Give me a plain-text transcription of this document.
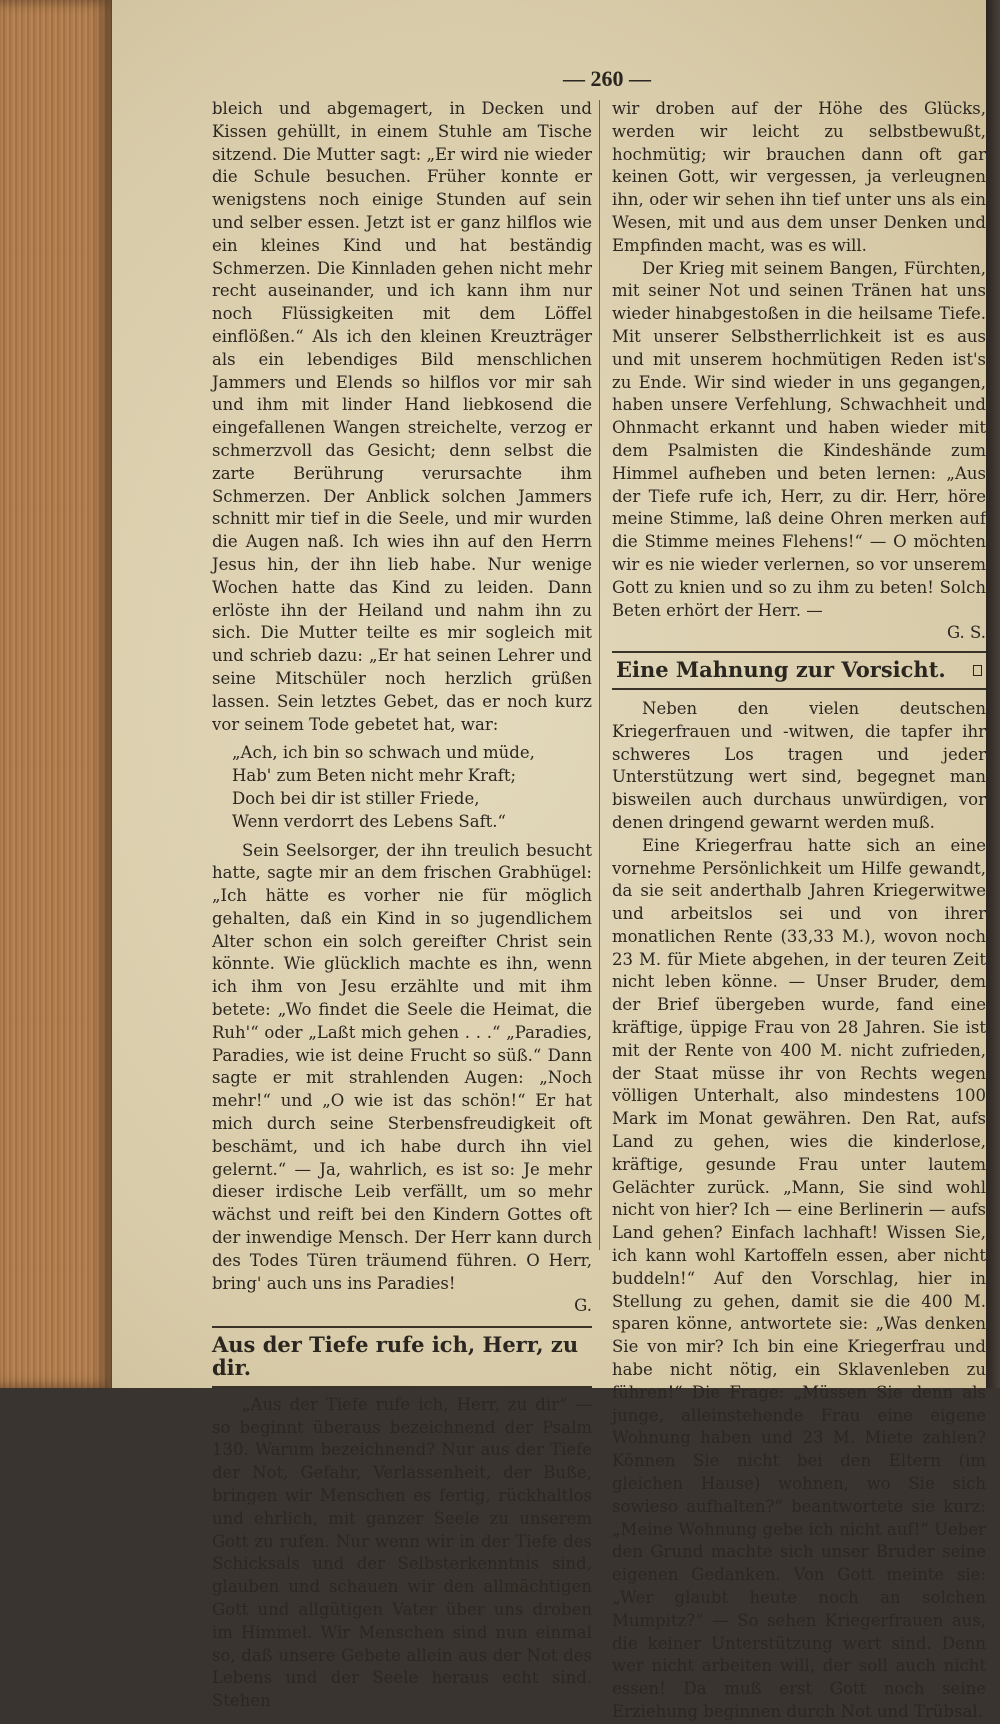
— 260 —

bleich und abgemagert, in Decken und Kissen gehüllt, in einem Stuhle am Tische sitzend. Die Mutter sagt: „Er wird nie wieder die Schule besuchen. Früher konnte er wenigstens noch einige Stunden auf sein und selber essen. Jetzt ist er ganz hilflos wie ein kleines Kind und hat beständig Schmerzen. Die Kinnladen gehen nicht mehr recht auseinander, und ich kann ihm nur noch Flüssigkeiten mit dem Löffel einflößen.“ Als ich den kleinen Kreuzträger als ein lebendiges Bild menschlichen Jammers und Elends so hilflos vor mir sah und ihm mit linder Hand liebkosend die eingefallenen Wangen streichelte, verzog er schmerzvoll das Gesicht; denn selbst die zarte Berührung verursachte ihm Schmerzen. Der Anblick solchen Jammers schnitt mir tief in die Seele, und mir wurden die Augen naß. Ich wies ihn auf den Herrn Jesus hin, der ihn lieb habe. Nur wenige Wochen hatte das Kind zu leiden. Dann erlöste ihn der Heiland und nahm ihn zu sich. Die Mutter teilte es mir sogleich mit und schrieb dazu: „Er hat seinen Lehrer und seine Mitschüler noch herzlich grüßen lassen. Sein letztes Gebet, das er noch kurz vor seinem Tode gebetet hat, war:

„Ach, ich bin so schwach und müde,
Hab' zum Beten nicht mehr Kraft;
Doch bei dir ist stiller Friede,
Wenn verdorrt des Lebens Saft.“

Sein Seelsorger, der ihn treulich besucht hatte, sagte mir an dem frischen Grabhügel: „Ich hätte es vorher nie für möglich gehalten, daß ein Kind in so jugendlichem Alter schon ein solch gereifter Christ sein könnte. Wie glücklich machte es ihn, wenn ich ihm von Jesu erzählte und mit ihm betete: „Wo findet die Seele die Heimat, die Ruh'“ oder „Laßt mich gehen . . .“ „Paradies, Paradies, wie ist deine Frucht so süß.“ Dann sagte er mit strahlenden Augen: „Noch mehr!“ und „O wie ist das schön!“ Er hat mich durch seine Sterbensfreudigkeit oft beschämt, und ich habe durch ihn viel gelernt.“ — Ja, wahrlich, es ist so: Je mehr dieser irdische Leib verfällt, um so mehr wächst und reift bei den Kindern Gottes oft der inwendige Mensch. Der Herr kann durch des Todes Türen träumend führen. O Herr, bring' auch uns ins Paradies!

G.
Aus der Tiefe rufe ich, Herr, zu dir.

„Aus der Tiefe rufe ich, Herr, zu dir“ — so beginnt überaus bezeichnend der Psalm 130. Warum bezeichnend? Nur aus der Tiefe der Not, Gefahr, Verlassenheit, der Buße, bringen wir Menschen es fertig, rückhaltlos und ehrlich, mit ganzer Seele zu unserem Gott zu rufen. Nur wenn wir in der Tiefe des Schicksals und der Selbsterkenntnis sind, glauben und schauen wir den allmächtigen Gott und allgütigen Vater über uns droben im Himmel. Wir Menschen sind nun einmal so, daß unsere Gebete allein aus der Not des Lebens und der Seele heraus echt sind. Stehen

wir droben auf der Höhe des Glücks, werden wir leicht zu selbstbewußt, hochmütig; wir brauchen dann oft gar keinen Gott, wir vergessen, ja verleugnen ihn, oder wir sehen ihn tief unter uns als ein Wesen, mit und aus dem unser Denken und Empfinden macht, was es will.

Der Krieg mit seinem Bangen, Fürchten, mit seiner Not und seinen Tränen hat uns wieder hinabgestoßen in die heilsame Tiefe. Mit unserer Selbstherrlichkeit ist es aus und mit unserem hochmütigen Reden ist's zu Ende. Wir sind wieder in uns gegangen, haben unsere Verfehlung, Schwachheit und Ohnmacht erkannt und haben wieder mit dem Psalmisten die Kindeshände zum Himmel aufheben und beten lernen: „Aus der Tiefe rufe ich, Herr, zu dir. Herr, höre meine Stimme, laß deine Ohren merken auf die Stimme meines Flehens!“ — O möchten wir es nie wieder verlernen, so vor unserem Gott zu knien und so zu ihm zu beten! Solch Beten erhört der Herr. —

G. S.
Eine Mahnung zur Vorsicht.

Neben den vielen deutschen Kriegerfrauen und -witwen, die tapfer ihr schweres Los tragen und jeder Unterstützung wert sind, begegnet man bisweilen auch durchaus unwürdigen, vor denen dringend gewarnt werden muß.

Eine Kriegerfrau hatte sich an eine vornehme Persönlichkeit um Hilfe gewandt, da sie seit anderthalb Jahren Kriegerwitwe und arbeitslos sei und von ihrer monatlichen Rente (33,33 M.), wovon noch 23 M. für Miete abgehen, in der teuren Zeit nicht leben könne. — Unser Bruder, dem der Brief übergeben wurde, fand eine kräftige, üppige Frau von 28 Jahren. Sie ist mit der Rente von 400 M. nicht zufrieden, der Staat müsse ihr von Rechts wegen völligen Unterhalt, also mindestens 100 Mark im Monat gewähren. Den Rat, aufs Land zu gehen, wies die kinderlose, kräftige, gesunde Frau unter lautem Gelächter zurück. „Mann, Sie sind wohl nicht von hier? Ich — eine Berlinerin — aufs Land gehen? Einfach lachhaft! Wissen Sie, ich kann wohl Kartoffeln essen, aber nicht buddeln!“ Auf den Vorschlag, hier in Stellung zu gehen, damit sie die 400 M. sparen könne, antwortete sie: „Was denken Sie von mir? Ich bin eine Kriegerfrau und habe nicht nötig, ein Sklavenleben zu führen!“ Die Frage: „Müssen Sie denn als junge, alleinstehende Frau eine eigene Wohnung haben und 23 M. Miete zahlen? Können Sie nicht bei den Eltern (im gleichen Hause) wohnen, wo Sie sich sowieso aufhalten?“ beantwortete sie kurz: „Meine Wohnung gebe ich nicht auf!“ Ueber den Grund machte sich unser Bruder seine eigenen Gedanken. Von Gott meinte sie: „Wer glaubt heute noch an solchen Mumpitz?“ — So sehen Kriegerfrauen aus, die keiner Unterstützung wert sind. Denn wer nicht arbeiten will, der soll auch nicht essen! Da muß erst Gott noch seine Erziehung beginnen durch Not und Trübsal.
